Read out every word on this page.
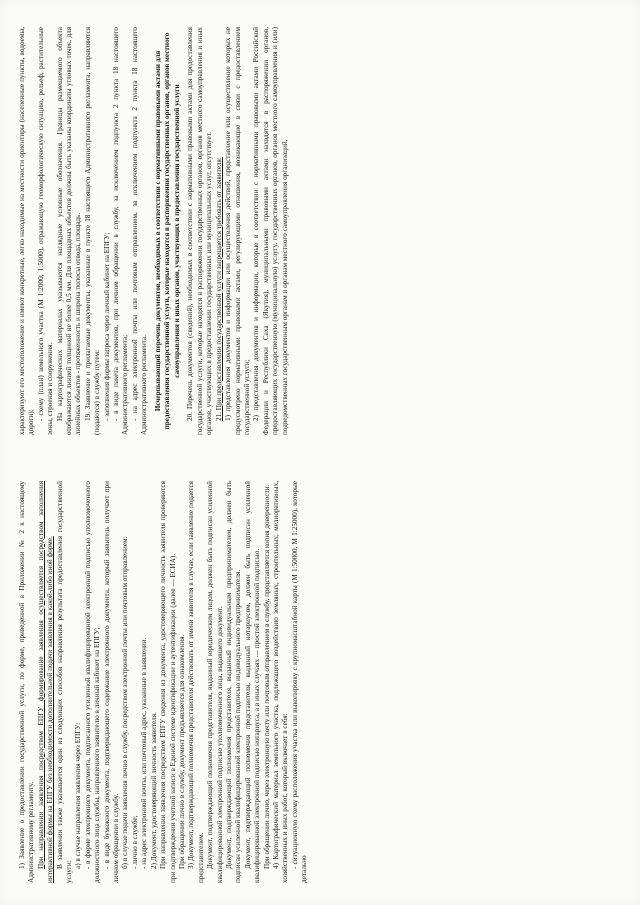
1) Заявление о предоставлении государственной услуги, по форме, приведенной в Приложении № 2 к настоящему Административному регламенту. При направлении заявления посредством ЕПГУ формирование заявления осуществляется посредством заполнения интерактивной формы на ЕПГУ без необходимости дополнительной подачи заявления в какой-либо иной форме. В заявлении также указывается один из следующих способов направления результата предоставления государственной услуги:

а) в случае направления заявления через ЕПГУ: - в форме электронного документа, подписанного усиленной квалифицированной электронной подписью уполномоченного должностного лица службы, направленного заявителю в личный кабинет на ЕПГУ; - в виде бумажного документа, подтверждающего содержание электронного документа, который заявитель получает при личном обращении в службу. б) в случае подачи заявления лично в службу, посредством электронной почты или почтовым отправлением: - лично в службе; - на адрес электронной почты, или почтовый адрес, указанные в заявлении. 2) Документ, удостоверяющий личность заявителя. При направлении заявления посредством ЕПГУ сведения из документа, удостоверяющего личность заявителя проверяются при подтверждении учетной записи в Единой системе идентификации и аутентификации (далее — ЕСИА). При обращении лично в службу, документ предъявляется для ознакомления. 3) Документ, подтверждающий полномочия представителя действовать от имени заявителя в случае, если заявление подается представителем. Документ, подтверждающий полномочия представителя, выданный юридическим лицом, должен быть подписан усиленной квалифицированной электронной подписью уполномоченного лица, выдавшего документ. Документ, подтверждающий полномочия представителя, выданный индивидуальным предпринимателем, должен быть подписан усиленной квалифицированной электронной подписью индивидуального предпринимателя. Документ, подтверждающий полномочия представителя, выданный нотариусом, должен быть подписан усиленной квалифицированной электронной подписью нотариуса, а в иных случаях — простой электронной подписью. При обращении лично, через электронную почту или почтовым отправлением в службу, представляется копия доверенности. 4) Картографический материал земельного участка, подлежащего воздействию земляных, строительных, мелиоративных, хозяйственных и иных работ, который включает в себя: - ситуационную схему расположения участка или выкопировку с крупномасштабной карты (М 1:50000, М 1:25000), которые детально

характеризуют его местоположение и имеют конкретные, легко находимые на местности ориентиры (населенные пункты, водоемы, дороги);

- схему (план) земельного участка (М 1:2000; 1:5000), отражающую геоморфологическую ситуацию, рельеф, растительные зоны, строения и сооружения. На картографических материалах указываются наглядные условные обозначения. Границы размещаемого объекта отображаются линией толщиной не более 0,5 мм. Для площадных объектов должны быть указаны координаты угловых точек, для линейных объектов - протяженность и ширина полосы отвода, площадь. 19. Заявление и прилагаемые документы, указанные в пункте 18 настоящего Административного регламента, направляются (подаются) в службу путем: - заполнения формы запроса через личный кабинет на ЕПГУ; - в виде пакета документов, при личном обращении в службу, за исключением подпункта 2 пункта 18 настоящего Административного регламента; - на адрес электронной почты или почтовым отправлением, за исключением подпункта 2 пункта 18 настоящего Административного регламента. Исчерпывающий перечень документов, необходимых в соответствии с нормативными правовыми актами для предоставления государственной услуги, которые находятся в распоряжении государственных органов, органов местного самоуправления и иных органов, участвующих в предоставлении государственной услуги 20. Перечень документов (сведений), необходимых в соответствии с нормативными правовыми актами для предоставления государственной услуги, которые находятся в распоряжении государственных органов, органов местного самоуправления и иных органов, участвующих в предоставлении государственных или муниципальных услуг, отсутствует. 21. При предоставлении государственной услуги запрещается требовать от заявителя: 1) представления документов и информации или осуществления действий, представление или осуществление которых не предусмотрено нормативными правовыми актами, регулирующими отношения, возникающие в связи с предоставлением государственной услуги; 2) представления документов и информации, которые в соответствии с нормативными правовыми актами Российской Федерации и Республики Саха (Якутия), муниципальными правовыми актами находятся в распоряжении органов, предоставляющих государственную (муниципальную) услугу, государственных органов, органов местного самоуправления и (или) подведомственных государственным органам и органам местного самоуправления организаций,
